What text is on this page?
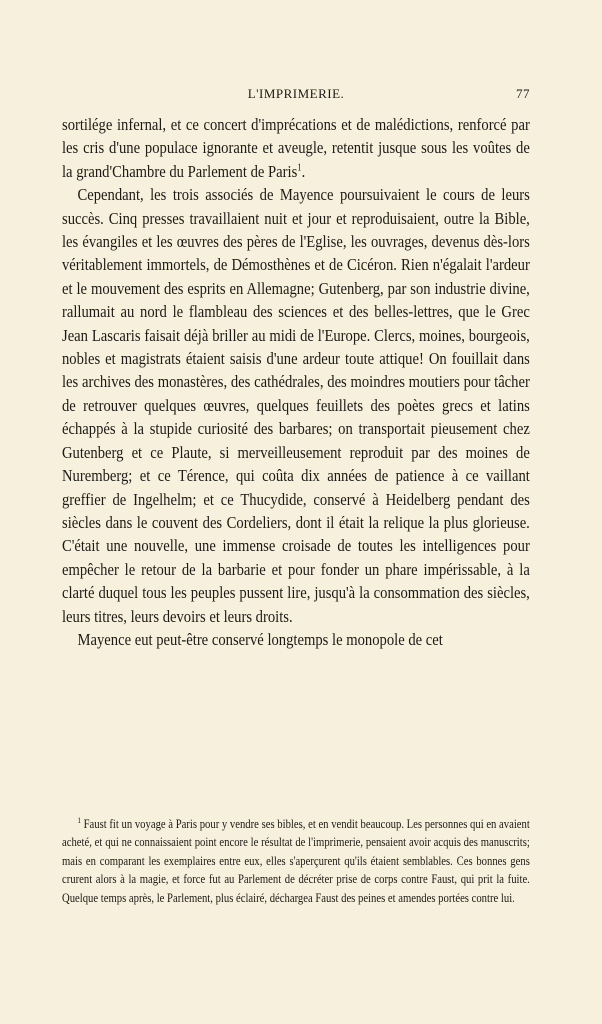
L'IMPRIMERIE.	77

sortilége infernal, et ce concert d'imprécations et de malédictions, renforcé par les cris d'une populace ignorante et aveugle, retentit jusque sous les voûtes de la grand'Chambre du Parlement de Paris$^1$.

Cependant, les trois associés de Mayence poursuivaient le cours de leurs succès. Cinq presses travaillaient nuit et jour et reproduisaient, outre la Bible, les évangiles et les œuvres des pères de l'Eglise, les ouvrages, devenus dès-lors véritablement immortels, de Démosthènes et de Cicéron. Rien n'égalait l'ardeur et le mouvement des esprits en Allemagne; Gutenberg, par son industrie divine, rallumait au nord le flambleau des sciences et des belles-lettres, que le Grec Jean Lascaris faisait déjà briller au midi de l'Europe. Clercs, moines, bourgeois, nobles et magistrats étaient saisis d'une ardeur toute attique! On fouillait dans les archives des monastères, des cathédrales, des moindres moutiers pour tâcher de retrouver quelques œuvres, quelques feuillets des poètes grecs et latins échappés à la stupide curiosité des barbares; on transportait pieusement chez Gutenberg et ce Plaute, si merveilleusement reproduit par des moines de Nuremberg; et ce Térence, qui coûta dix années de patience à ce vaillant greffier de Ingelhelm; et ce Thucydide, conservé à Heidelberg pendant des siècles dans le couvent des Cordeliers, dont il était la relique la plus glorieuse. C'était une nouvelle, une immense croisade de toutes les intelligences pour empêcher le retour de la barbarie et pour fonder un phare impérissable, à la clarté duquel tous les peuples pussent lire, jusqu'à la consommation des siècles, leurs titres, leurs devoirs et leurs droits.

Mayence eut peut-être conservé longtemps le monopole de cet

$^1$ Faust fit un voyage à Paris pour y vendre ses bibles, et en vendit beaucoup. Les personnes qui en avaient acheté, et qui ne connaissaient point encore le résultat de l'imprimerie, pensaient avoir acquis des manuscrits; mais en comparant les exemplaires entre eux, elles s'aperçurent qu'ils étaient semblables. Ces bonnes gens crurent alors à la magie, et force fut au Parlement de décréter prise de corps contre Faust, qui prit la fuite. Quelque temps après, le Parlement, plus éclairé, déchargea Faust des peines et amendes portées contre lui.
